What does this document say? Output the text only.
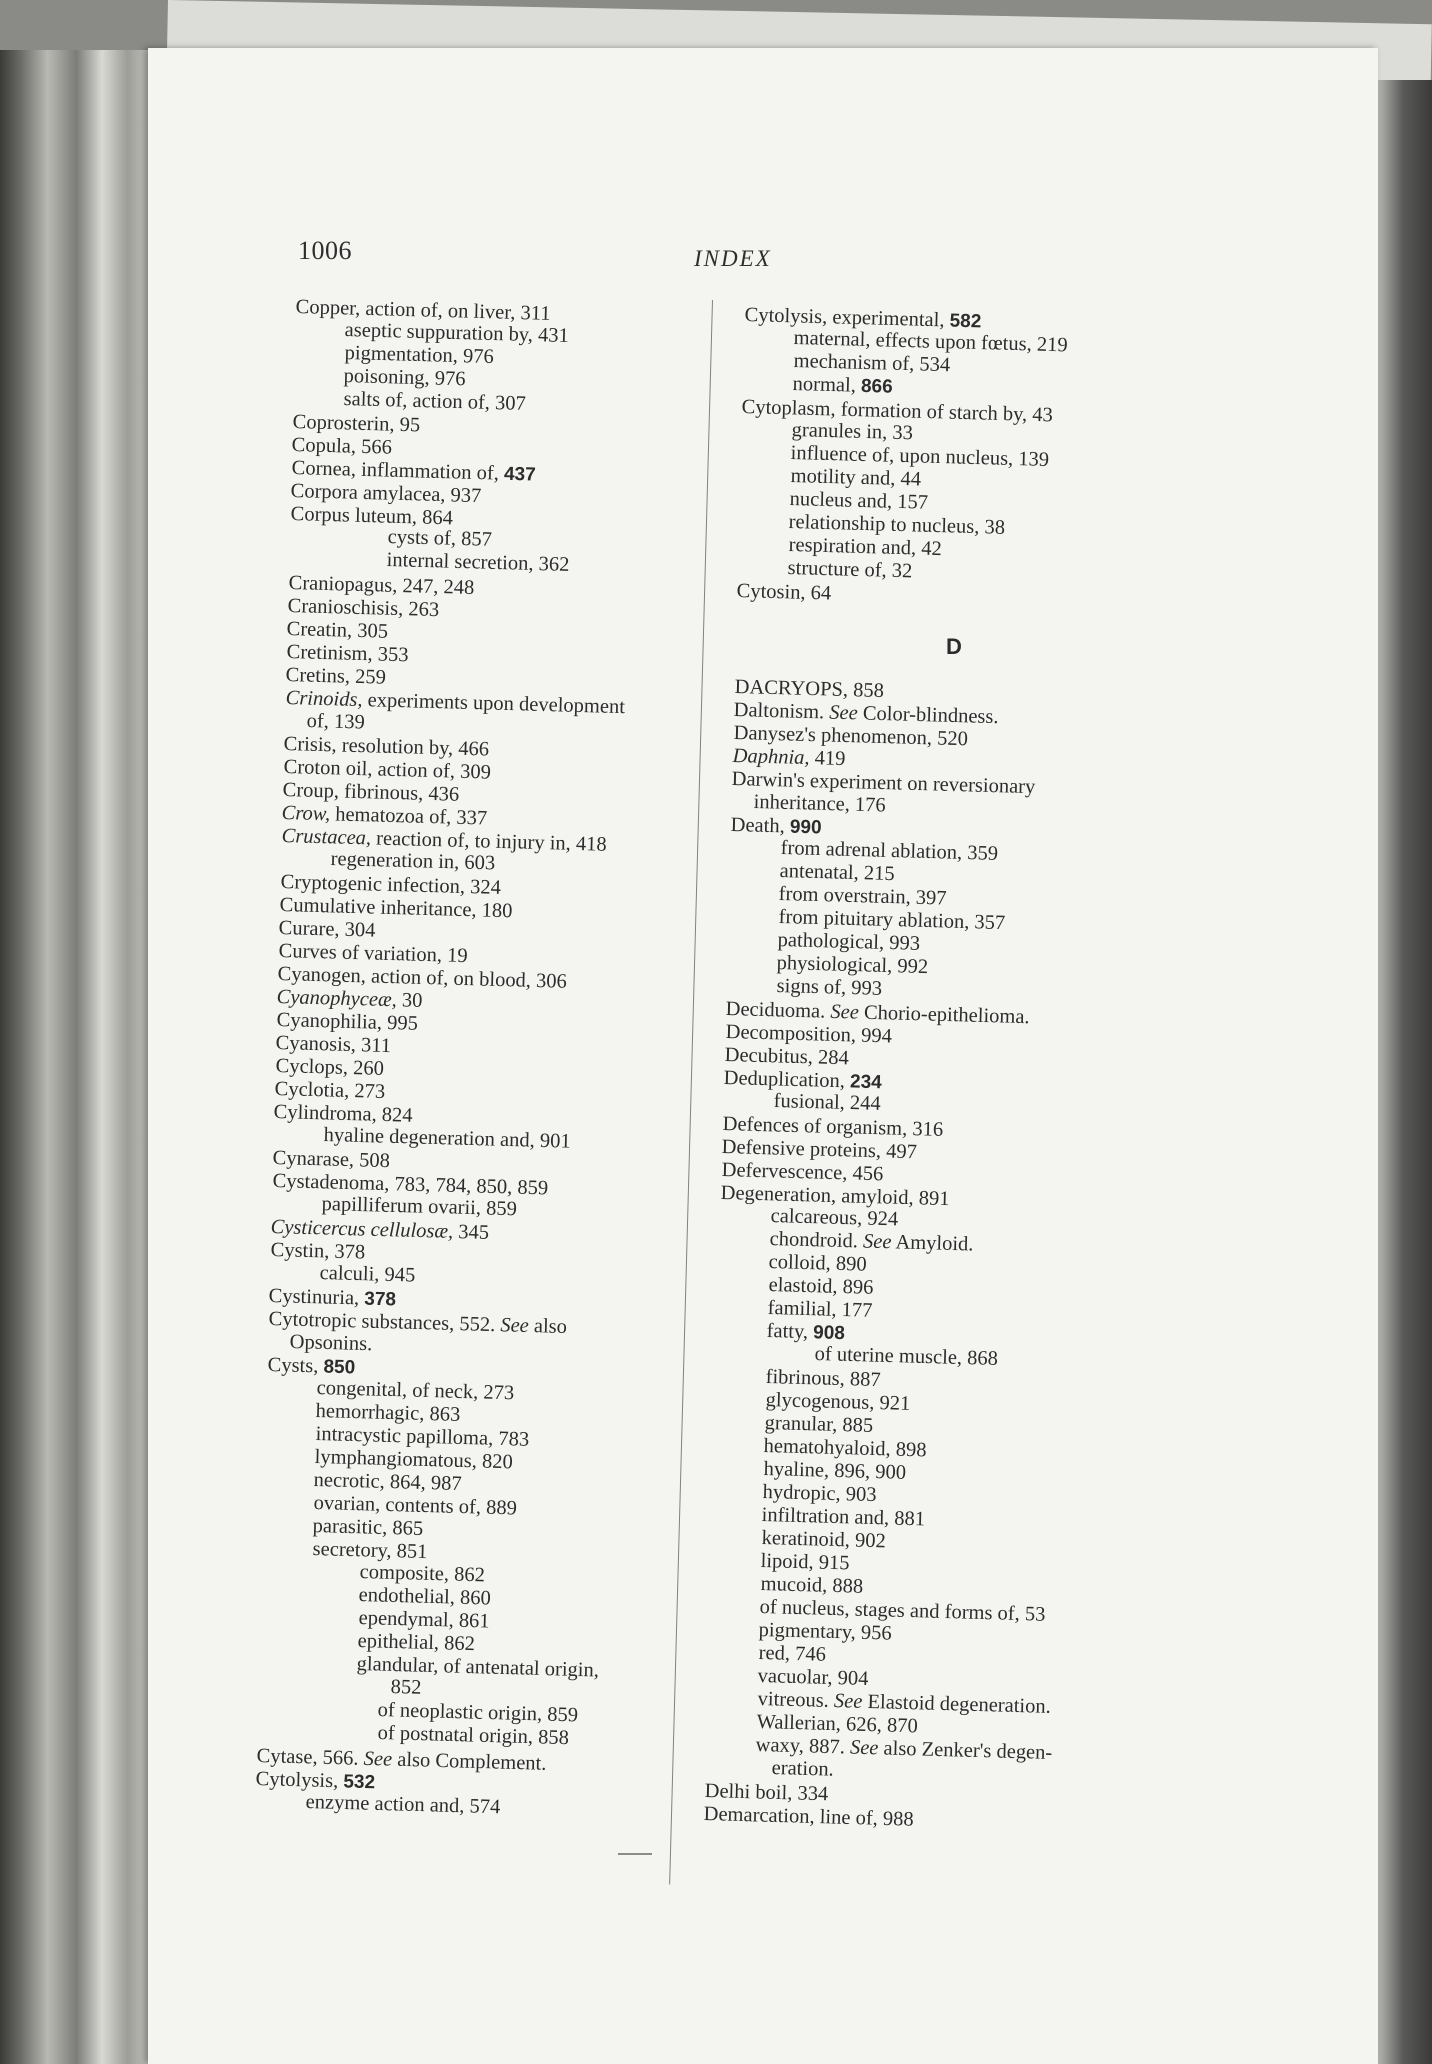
1006	INDEX
D
Copper, action of, on liver, 311
aseptic suppuration by, 431
pigmentation, 976
poisoning, 976
salts of, action of, 307
Coprosterin, 95
Copula, 566
Cornea, inflammation of, 437
Corpora amylacea, 937
Corpus luteum, 864
cysts of, 857
internal secretion, 362
Craniopagus, 247, 248
Cranioschisis, 263
Creatin, 305
Cretinism, 353
Cretins, 259
Crinoids, experiments upon development
of, 139
Crisis, resolution by, 466
Croton oil, action of, 309
Croup, fibrinous, 436
Crow, hematozoa of, 337
Crustacea, reaction of, to injury in, 418
regeneration in, 603
Cryptogenic infection, 324
Cumulative inheritance, 180
Curare, 304
Curves of variation, 19
Cyanogen, action of, on blood, 306
Cyanophyceæ, 30
Cyanophilia, 995
Cyanosis, 311
Cyclops, 260
Cyclotia, 273
Cylindroma, 824
hyaline degeneration and, 901
Cynarase, 508
Cystadenoma, 783, 784, 850, 859
papilliferum ovarii, 859
Cysticercus cellulosæ, 345
Cystin, 378
calculi, 945
Cystinuria, 378
Cytotropic substances, 552. See also
Opsonins.
Cysts, 850
congenital, of neck, 273
hemorrhagic, 863
intracystic papilloma, 783
lymphangiomatous, 820
necrotic, 864, 987
ovarian, contents of, 889
parasitic, 865
secretory, 851
composite, 862
endothelial, 860
ependymal, 861
epithelial, 862
glandular, of antenatal origin,
852
of neoplastic origin, 859
of postnatal origin, 858
Cytase, 566. See also Complement.
Cytolysis, 532
enzyme action and, 574
Cytolysis, experimental, 582
maternal, effects upon fœtus, 219
mechanism of, 534
normal, 866
Cytoplasm, formation of starch by, 43
granules in, 33
influence of, upon nucleus, 139
motility and, 44
nucleus and, 157
relationship to nucleus, 38
respiration and, 42
structure of, 32
Cytosin, 64
DACRYOPS, 858
Daltonism. See Color-blindness.
Danysez's phenomenon, 520
Daphnia, 419
Darwin's experiment on reversionary
inheritance, 176
Death, 990
from adrenal ablation, 359
antenatal, 215
from overstrain, 397
from pituitary ablation, 357
pathological, 993
physiological, 992
signs of, 993
Deciduoma. See Chorio-epithelioma.
Decomposition, 994
Decubitus, 284
Deduplication, 234
fusional, 244
Defences of organism, 316
Defensive proteins, 497
Defervescence, 456
Degeneration, amyloid, 891
calcareous, 924
chondroid. See Amyloid.
colloid, 890
elastoid, 896
familial, 177
fatty, 908
of uterine muscle, 868
fibrinous, 887
glycogenous, 921
granular, 885
hematohyaloid, 898
hyaline, 896, 900
hydropic, 903
infiltration and, 881
keratinoid, 902
lipoid, 915
mucoid, 888
of nucleus, stages and forms of, 53
pigmentary, 956
red, 746
vacuolar, 904
vitreous. See Elastoid degeneration.
Wallerian, 626, 870
waxy, 887. See also Zenker's degen-
eration.
Delhi boil, 334
Demarcation, line of, 988
